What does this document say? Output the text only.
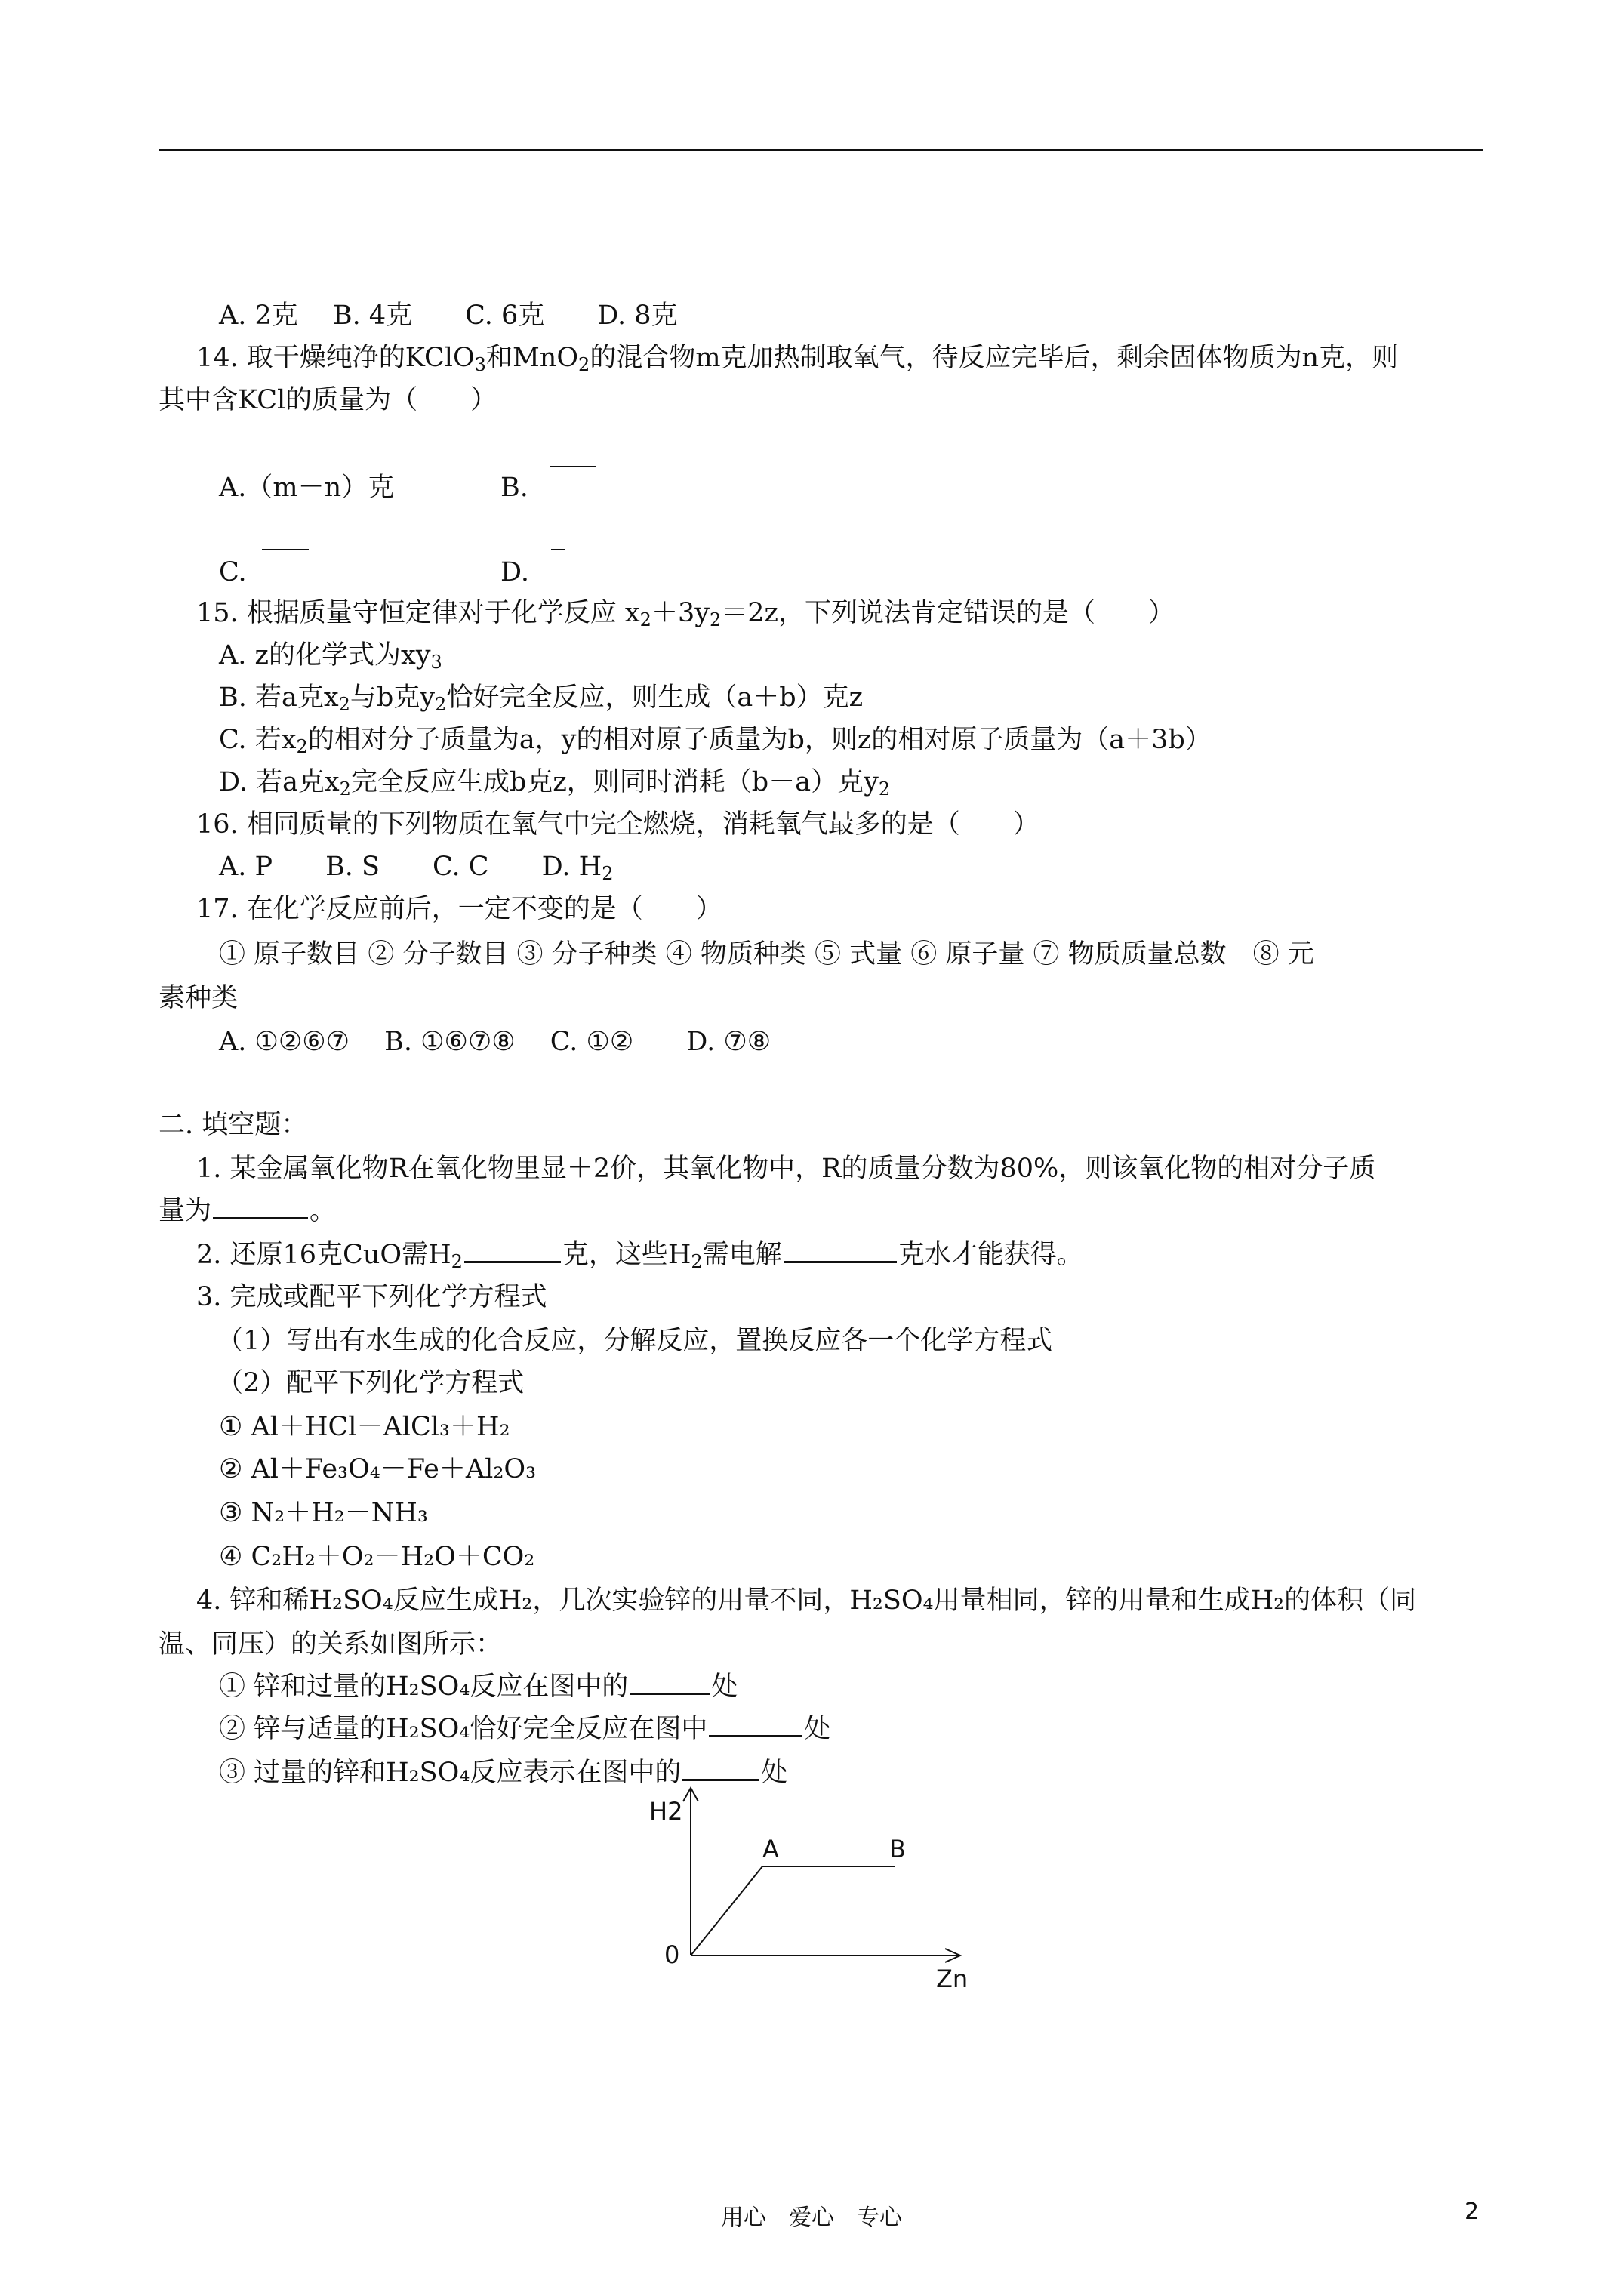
A. 2克　 B. 4克　　C. 6克　　D. 8克
14. 取干燥纯净的KClO$_3$和MnO$_2$的混合物m克加热制取氧气，待反应完毕后，剩余固体物质为n克，则
其中含KCl的质量为（　　）
A.（m－n）克	B.
C.	D.
15. 根据质量守恒定律对于化学反应 $x_2+3y_2=2z$，下列说法肯定错误的是（　　）
A. z的化学式为$xy_3$
B. 若a克$x_2$与b克$y_2$恰好完全反应，则生成（a＋b）克z
C. 若$x_2$的相对分子质量为a，y的相对原子质量为b，则z的相对原子质量为（a＋3b）
D. 若a克$x_2$完全反应生成b克z，则同时消耗（b－a）克$y_2$
16. 相同质量的下列物质在氧气中完全燃烧，消耗氧气最多的是（　　）
A. P　　B. S　　C. C　　D. $H_2$
17. 在化学反应前后，一定不变的是（　　）
① 原子数目 ② 分子数目 ③ 分子种类 ④ 物质种类 ⑤ 式量 ⑥ 原子量 ⑦ 物质质量总数　⑧ 元
素种类
A. ①②⑥⑦　 B. ①⑥⑦⑧　 C. ①②　　D. ⑦⑧
二. 填空题：
1. 某金属氧化物R在氧化物里显＋2价，其氧化物中，R的质量分数为80%，则该氧化物的相对分子质
量为	。
2. 还原16克CuO需$H_2$	克，这些$H_2$需电解	克水才能获得。
3. 完成或配平下列化学方程式
（1）写出有水生成的化合反应，分解反应，置换反应各一个化学方程式
（2）配平下列化学方程式
① Al＋HCl－AlCl₃＋H₂
② Al＋Fe₃O₄－Fe＋Al₂O₃
③ N₂＋H₂－NH₃
④ C₂H₂＋O₂－H₂O＋CO₂
4. 锌和稀H₂SO₄反应生成H₂，几次实验锌的用量不同，H₂SO₄用量相同，锌的用量和生成H₂的体积（同
温、同压）的关系如图所示：
① 锌和过量的H₂SO₄反应在图中的	处
② 锌与适量的H₂SO₄恰好完全反应在图中	处
③ 过量的锌和H₂SO₄反应表示在图中的	处
H2
Zn
0
A	B
用心　爱心　专心	2
